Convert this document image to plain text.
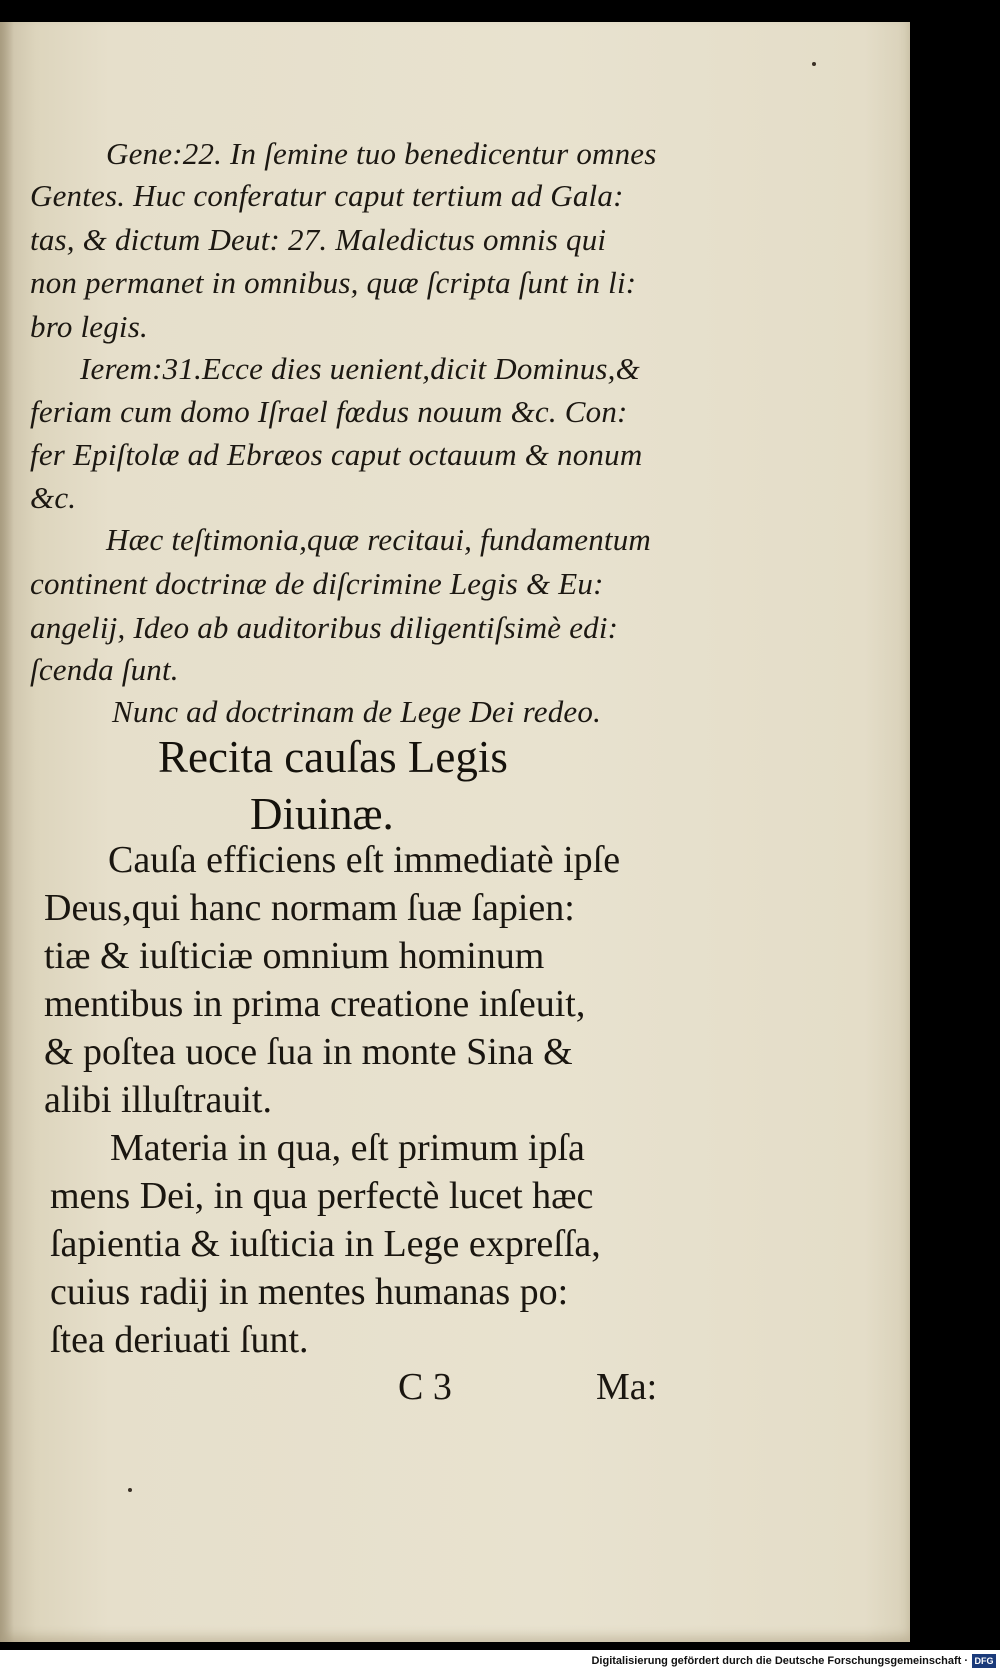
Gene:22. In ſemine tuo benedicentur omnes
Gentes. Huc conferatur caput tertium ad Gala:
tas, & dictum Deut: 27. Maledictus omnis qui
non permanet in omnibus, quæ ſcripta ſunt in li:
bro legis.
Ierem:31.Ecce dies uenient,dicit Dominus,&
feriam cum domo Iſrael fœdus nouum &c. Con:
fer Epiſtolæ ad Ebræos caput octauum & nonum
&c.
Hæc teſtimonia,quæ recitaui, fundamentum
continent doctrinæ de diſcrimine Legis & Eu:
angelij, Ideo ab auditoribus diligentiſsimè edi:
ſcenda ſunt.
Nunc ad doctrinam de Lege Dei redeo.
Recita cauſas Legis
Diuinæ.
Cauſa efficiens eſt immediatè ipſe
Deus,qui hanc normam ſuæ ſapien:
tiæ & iuſticiæ omnium hominum
mentibus in prima creatione inſeuit,
& poſtea uoce ſua in monte Sina &
alibi illuſtrauit.
Materia in qua, eſt primum ipſa
mens Dei, in qua perfectè lucet hæc
ſapientia & iuſticia in Lege expreſſa,
cuius radij in mentes humanas po:
ſtea deriuati ſunt.
C 3	Ma:
Digitalisierung gefördert durch die Deutsche Forschungsgemeinschaft · DFG
